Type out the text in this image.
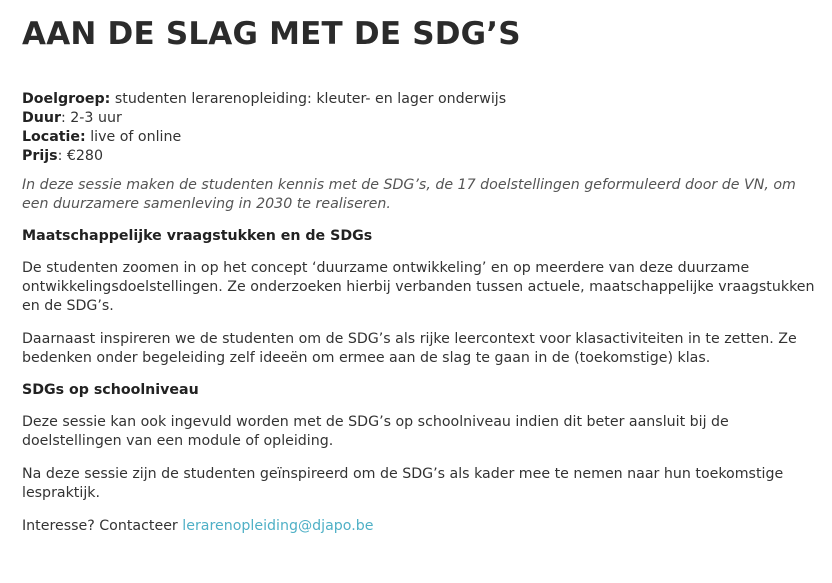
AAN DE SLAG MET DE SDG’S

Doelgroep: studenten lerarenopleiding: kleuter- en lager onderwijs

Duur: 2-3 uur

Locatie: live of online

Prijs: €280

In deze sessie maken de studenten kennis met de SDG’s, de 17 doelstellingen geformuleerd door de VN, om een duurzamere samenleving in 2030 te realiseren.

Maatschappelijke vraagstukken en de SDGs

De studenten zoomen in op het concept ‘duurzame ontwikkeling’ en op meerdere van deze duurzame ontwikkelingsdoelstellingen. Ze onderzoeken hierbij verbanden tussen actuele, maatschappelijke vraagstukken en de SDG’s.

Daarnaast inspireren we de studenten om de SDG’s als rijke leercontext voor klasactiviteiten in te zetten. Ze bedenken onder begeleiding zelf ideeën om ermee aan de slag te gaan in de (toekomstige) klas.

SDGs op schoolniveau

Deze sessie kan ook ingevuld worden met de SDG’s op schoolniveau indien dit beter aansluit bij de doelstellingen van een module of opleiding.

Na deze sessie zijn de studenten geïnspireerd om de SDG’s als kader mee te nemen naar hun toekomstige lespraktijk.

Interesse? Contacteer lerarenopleiding@djapo.be
